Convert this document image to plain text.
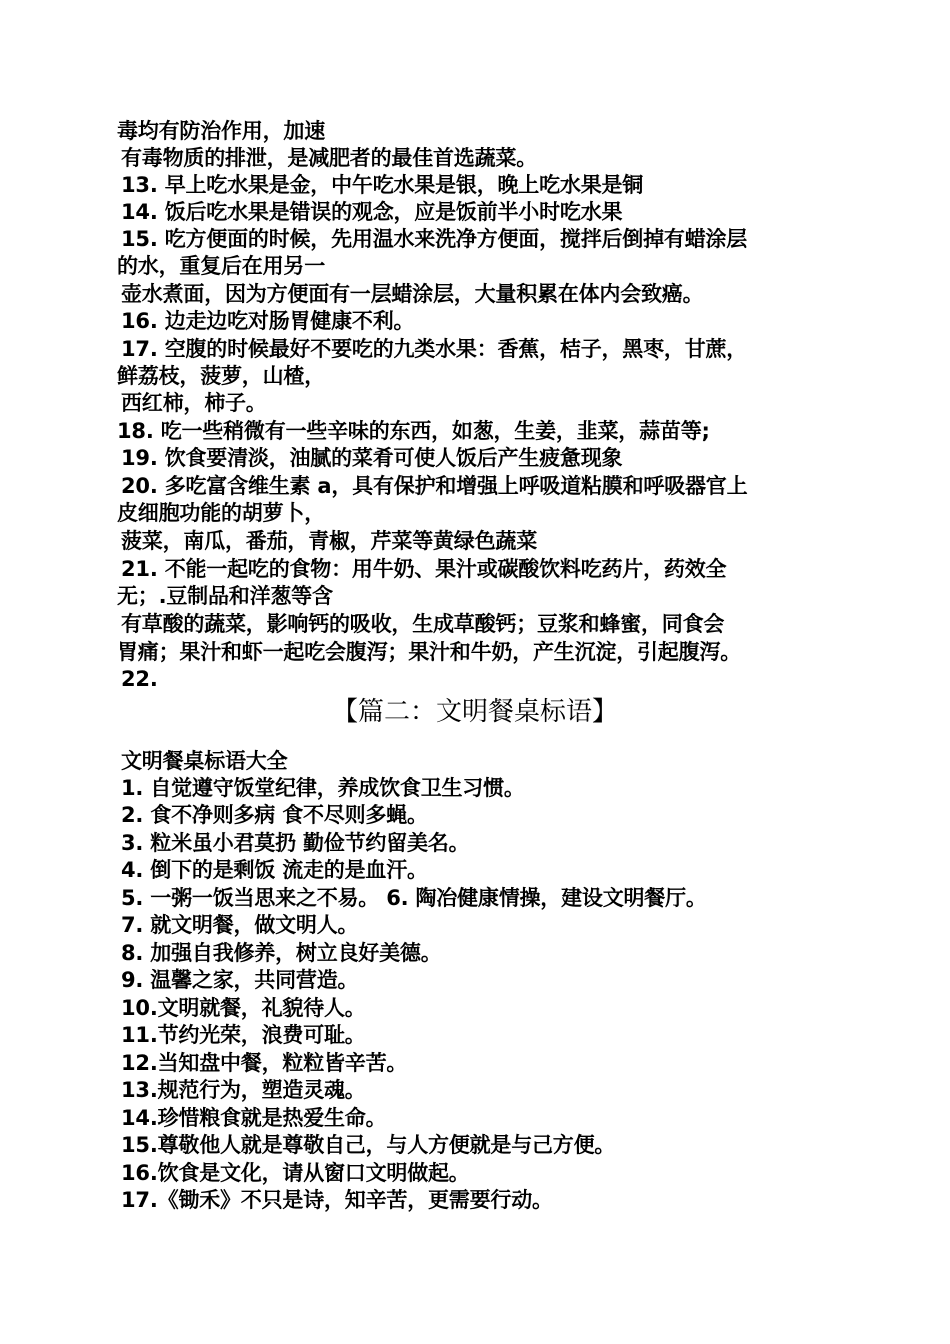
毒均有防治作用，加速
有毒物质的排泄，是减肥者的最佳首选蔬菜。
13. 早上吃水果是金，中午吃水果是银，晚上吃水果是铜
14. 饭后吃水果是错误的观念，应是饭前半小时吃水果
15. 吃方便面的时候，先用温水来洗净方便面，搅拌后倒掉有蜡涂层
的水，重复后在用另一
壶水煮面，因为方便面有一层蜡涂层，大量积累在体内会致癌。
16. 边走边吃对肠胃健康不利。
17. 空腹的时候最好不要吃的九类水果：香蕉，桔子，黑枣，甘蔗，
鲜荔枝，菠萝，山楂，
西红柿，柿子。
18. 吃一些稍微有一些辛味的东西，如葱，生姜，韭菜，蒜苗等;
19. 饮食要清淡，油腻的菜肴可使人饭后产生疲惫现象
20. 多吃富含维生素 a，具有保护和增强上呼吸道粘膜和呼吸器官上
皮细胞功能的胡萝卜，
菠菜，南瓜，番茄，青椒，芹菜等黄绿色蔬菜
21. 不能一起吃的食物：用牛奶、果汁或碳酸饮料吃药片，药效全
无；.豆制品和洋葱等含
有草酸的蔬菜，影响钙的吸收，生成草酸钙；豆浆和蜂蜜，同食会
胃痛；果汁和虾一起吃会腹泻；果汁和牛奶，产生沉淀，引起腹泻。
22.
【篇二：文明餐桌标语】
文明餐桌标语大全
1. 自觉遵守饭堂纪律，养成饮食卫生习惯。
2. 食不净则多病 食不尽则多蝇。
3. 粒米虽小君莫扔 勤俭节约留美名。
4. 倒下的是剩饭 流走的是血汗。
5. 一粥一饭当思来之不易。 6. 陶冶健康情操，建设文明餐厅。
7. 就文明餐，做文明人。
8. 加强自我修养，树立良好美德。
9. 温馨之家，共同营造。
10.文明就餐，礼貌待人。
11.节约光荣，浪费可耻。
12.当知盘中餐，粒粒皆辛苦。
13.规范行为，塑造灵魂。
14.珍惜粮食就是热爱生命。
15.尊敬他人就是尊敬自己，与人方便就是与己方便。
16.饮食是文化，请从窗口文明做起。
17.《锄禾》不只是诗，知辛苦，更需要行动。
